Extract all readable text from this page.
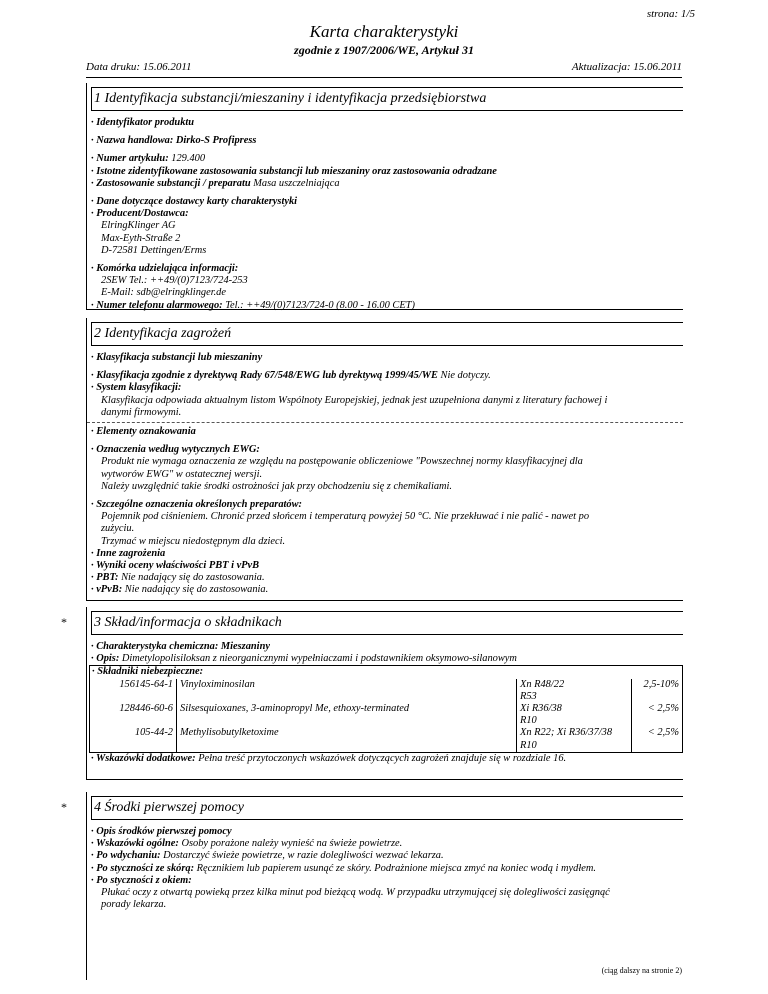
strona: 1/5
Karta charakterystyki
zgodnie z 1907/2006/WE, Artykuł 31
Data druku: 15.06.2011	Aktualizacja: 15.06.2011
1 Identyfikacja substancji/mieszaniny i identyfikacja przedsiębiorstwa

· Identyfikator produktu

· Nazwa handlowa: Dirko-S Profipress

· Numer artykułu: 129.400

· Istotne zidentyfikowane zastosowania substancji lub mieszaniny oraz zastosowania odradzane

· Zastosowanie substancji / preparatu Masa uszczelniająca

· Dane dotyczące dostawcy karty charakterystyki

· Producent/Dostawca:

ElringKlinger AG

Max-Eyth-Straße 2

D-72581 Dettingen/Erms

· Komórka udzielająca informacji:

2SEW Tel.: ++49/(0)7123/724-253

E-Mail: sdb@elringklinger.de

· Numer telefonu alarmowego: Tel.: ++49/(0)7123/724-0 (8.00 - 16.00 CET)

2 Identyfikacja zagrożeń

· Klasyfikacja substancji lub mieszaniny

· Klasyfikacja zgodnie z dyrektywą Rady 67/548/EWG lub dyrektywą 1999/45/WE Nie dotyczy.

· System klasyfikacji:

Klasyfikacja odpowiada aktualnym listom Wspólnoty Europejskiej, jednak jest uzupełniona danymi z literatury fachowej i

danymi firmowymi.

· Elementy oznakowania

· Oznaczenia według wytycznych EWG:

Produkt nie wymaga oznaczenia ze względu na postępowanie obliczeniowe "Powszechnej normy klasyfikacyjnej dla

wytworów EWG" w ostatecznej wersji.

Należy uwzględnić takie środki ostrożności jak przy obchodzeniu się z chemikaliami.

· Szczególne oznaczenia określonych preparatów:

Pojemnik pod ciśnieniem. Chronić przed słońcem i temperaturą powyżej 50 °C. Nie przekłuwać i nie palić - nawet po

zużyciu.

Trzymać w miejscu niedostępnym dla dzieci.

· Inne zagrożenia

· Wyniki oceny właściwości PBT i vPvB

· PBT: Nie nadający się do zastosowania.

· vPvB: Nie nadający się do zastosowania.

* 3 Skład/informacja o składnikach

· Charakterystyka chemiczna: Mieszaniny

· Opis: Dimetylopolisiloksan z nieorganicznymi wypełniaczami i podstawnikiem oksymowo-silanowym

· Składniki niebezpieczne:

156145-64-1	Vinyloximinosilan	Xn R48/22
R53	2,5-10%
128446-60-6	Silsesquioxanes, 3-aminopropyl Me, ethoxy-terminated	Xi R36/38
R10	< 2,5%
105-44-2	Methylisobutylketoxime	Xn R22; Xi R36/37/38
R10	< 2,5%

· Wskazówki dodatkowe: Pełna treść przytoczonych wskazówek dotyczących zagrożeń znajduje się w rozdziale 16.

* 4 Środki pierwszej pomocy

· Opis środków pierwszej pomocy

· Wskazówki ogólne: Osoby porażone należy wynieść na świeże powietrze.

· Po wdychaniu: Dostarczyć świeże powietrze, w razie dolegliwości wezwać lekarza.

· Po styczności ze skórą: Ręcznikiem lub papierem usunąć ze skóry. Podrażnione miejsca zmyć na koniec wodą i mydłem.

· Po styczności z okiem:

Płukać oczy z otwartą powieką przez kilka minut pod bieżącą wodą. W przypadku utrzymującej się dolegliwości zasięgnąć

porady lekarza.

(ciąg dalszy na stronie 2)
